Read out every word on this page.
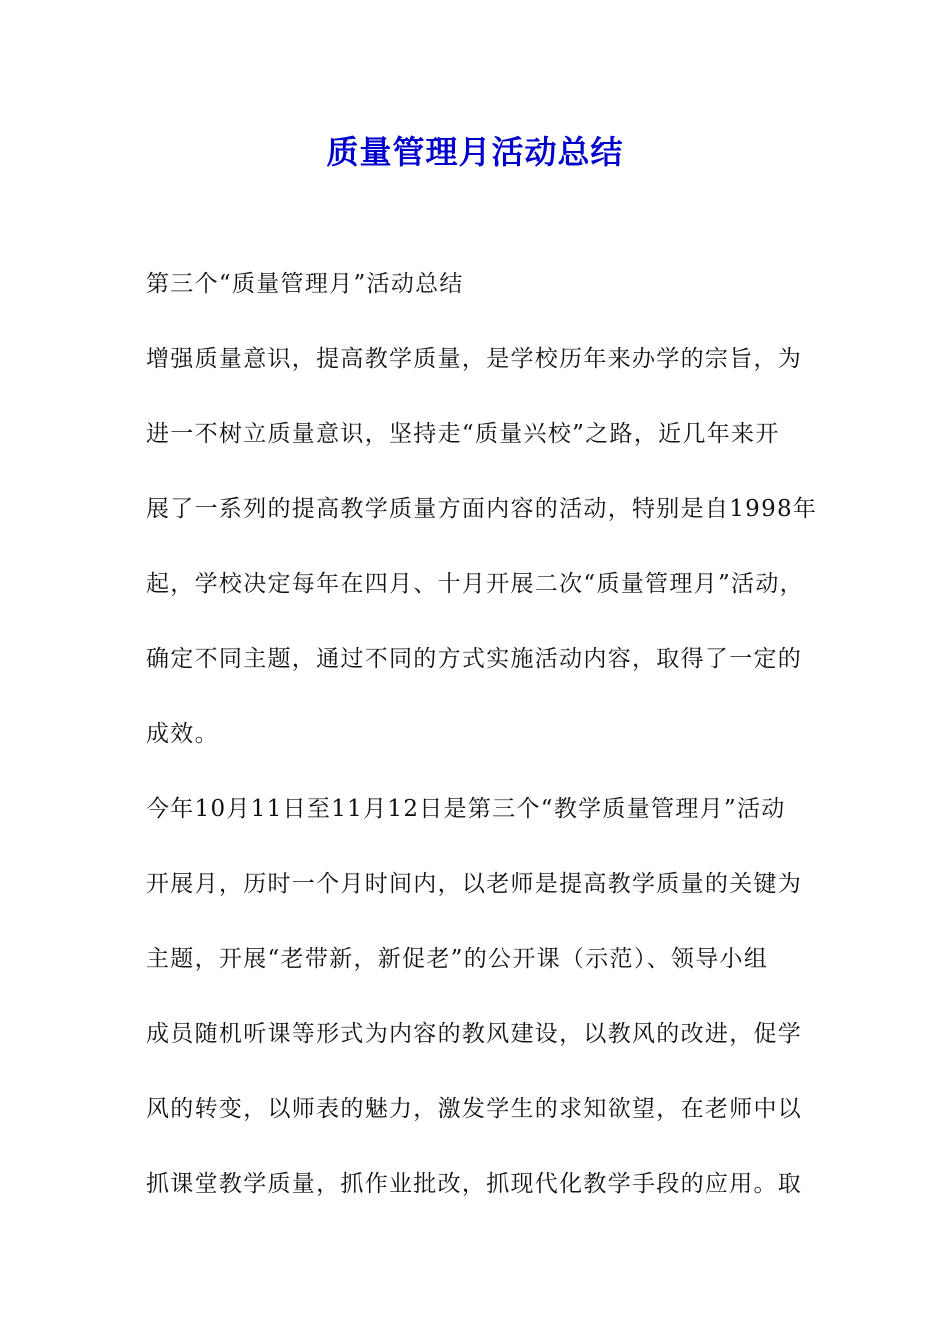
质量管理月活动总结
第三个“质量管理月”活动总结
增强质量意识，提高教学质量，是学校历年来办学的宗旨，为
进一不树立质量意识，坚持走“质量兴校”之路，近几年来开
展了一系列的提高教学质量方面内容的活动，特别是自1998年
起，学校决定每年在四月、十月开展二次“质量管理月”活动，
确定不同主题，通过不同的方式实施活动内容，取得了一定的
成效。
今年10月11日至11月12日是第三个“教学质量管理月”活动
开展月，历时一个月时间内，以老师是提高教学质量的关键为
主题，开展“老带新，新促老”的公开课（示范）、领导小组
成员随机听课等形式为内容的教风建设，以教风的改进，促学
风的转变，以师表的魅力，激发学生的求知欲望，在老师中以
抓课堂教学质量，抓作业批改，抓现代化教学手段的应用。取
